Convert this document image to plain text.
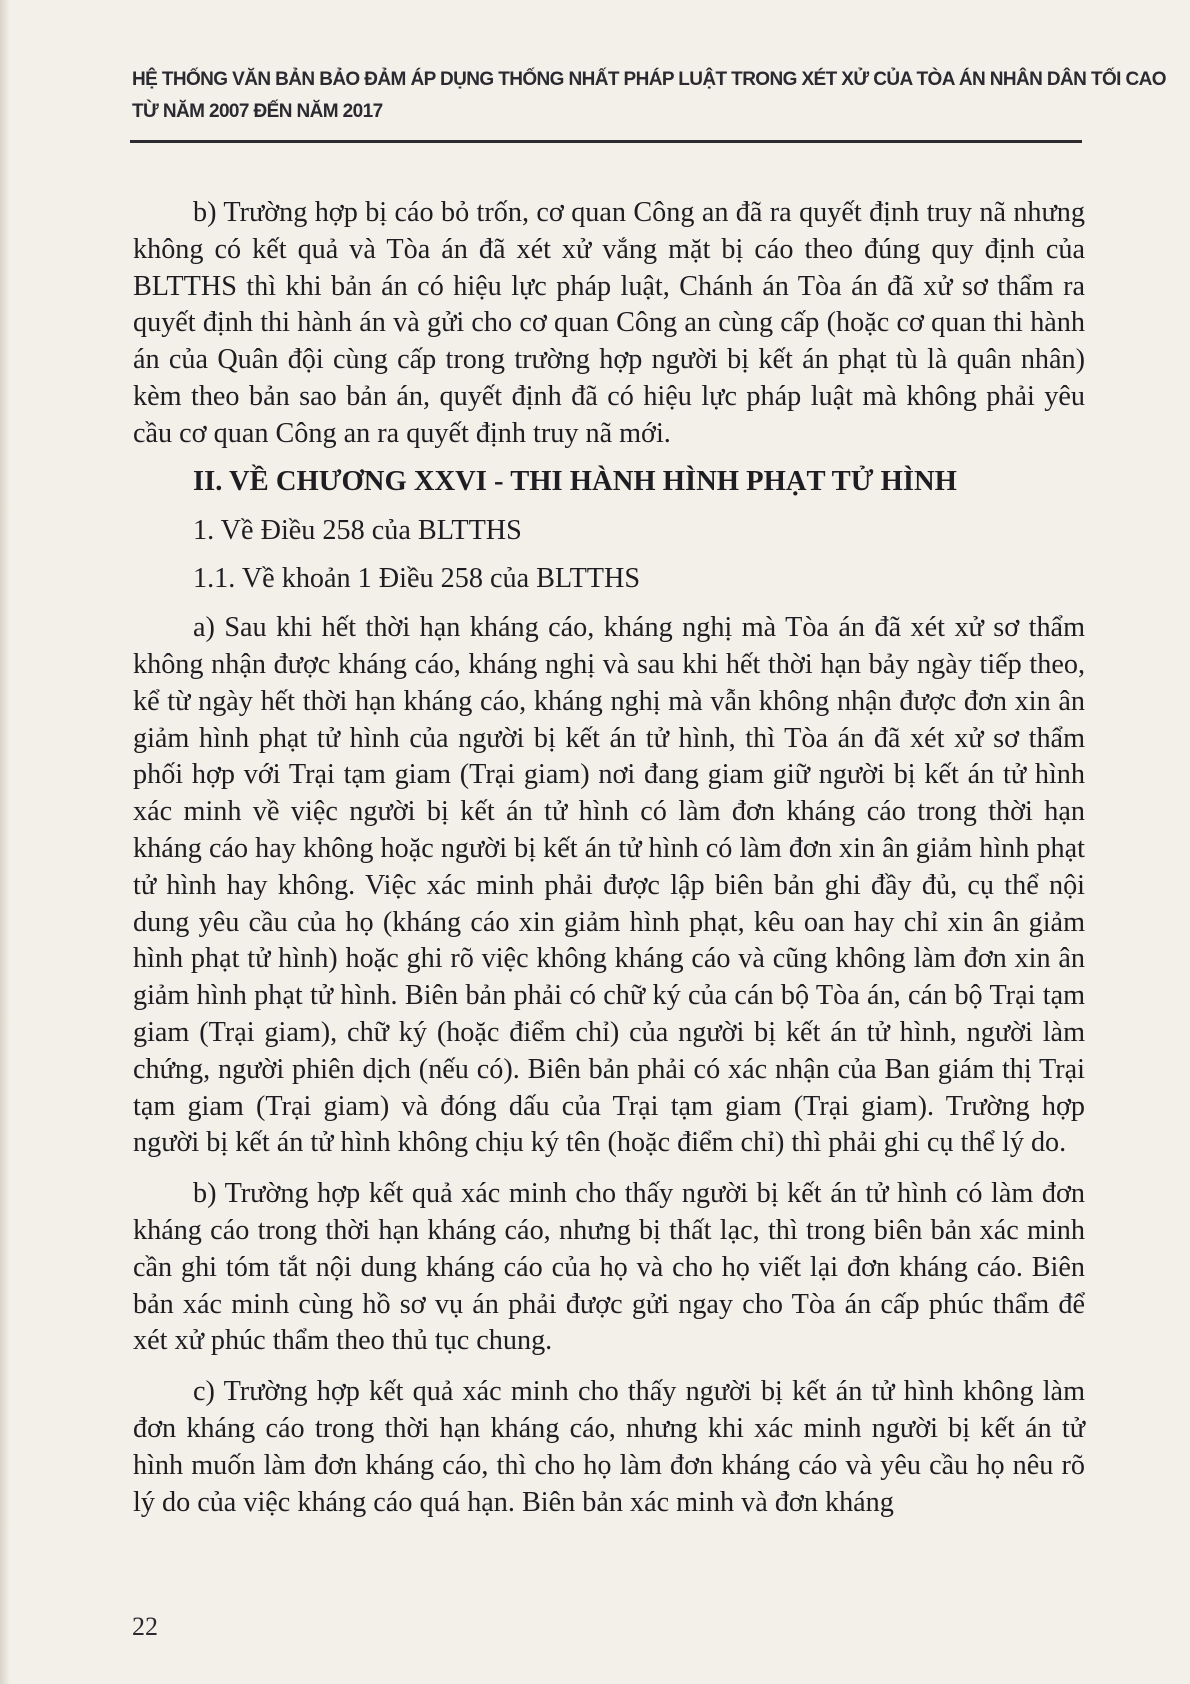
HỆ THỐNG VĂN BẢN BẢO ĐẢM ÁP DỤNG THỐNG NHẤT PHÁP LUẬT TRONG XÉT XỬ CỦA TÒA ÁN NHÂN DÂN TỐI CAO
TỪ NĂM 2007 ĐẾN NĂM 2017

b) Trường hợp bị cáo bỏ trốn, cơ quan Công an đã ra quyết định truy nã nhưng không có kết quả và Tòa án đã xét xử vắng mặt bị cáo theo đúng quy định của BLTTHS thì khi bản án có hiệu lực pháp luật, Chánh án Tòa án đã xử sơ thẩm ra quyết định thi hành án và gửi cho cơ quan Công an cùng cấp (hoặc cơ quan thi hành án của Quân đội cùng cấp trong trường hợp người bị kết án phạt tù là quân nhân) kèm theo bản sao bản án, quyết định đã có hiệu lực pháp luật mà không phải yêu cầu cơ quan Công an ra quyết định truy nã mới.

II. VỀ CHƯƠNG XXVI - THI HÀNH HÌNH PHẠT TỬ HÌNH
1. Về Điều 258 của BLTTHS
1.1. Về khoản 1 Điều 258 của BLTTHS

a) Sau khi hết thời hạn kháng cáo, kháng nghị mà Tòa án đã xét xử sơ thẩm không nhận được kháng cáo, kháng nghị và sau khi hết thời hạn bảy ngày tiếp theo, kể từ ngày hết thời hạn kháng cáo, kháng nghị mà vẫn không nhận được đơn xin ân giảm hình phạt tử hình của người bị kết án tử hình, thì Tòa án đã xét xử sơ thẩm phối hợp với Trại tạm giam (Trại giam) nơi đang giam giữ người bị kết án tử hình xác minh về việc người bị kết án tử hình có làm đơn kháng cáo trong thời hạn kháng cáo hay không hoặc người bị kết án tử hình có làm đơn xin ân giảm hình phạt tử hình hay không. Việc xác minh phải được lập biên bản ghi đầy đủ, cụ thể nội dung yêu cầu của họ (kháng cáo xin giảm hình phạt, kêu oan hay chỉ xin ân giảm hình phạt tử hình) hoặc ghi rõ việc không kháng cáo và cũng không làm đơn xin ân giảm hình phạt tử hình. Biên bản phải có chữ ký của cán bộ Tòa án, cán bộ Trại tạm giam (Trại giam), chữ ký (hoặc điểm chỉ) của người bị kết án tử hình, người làm chứng, người phiên dịch (nếu có). Biên bản phải có xác nhận của Ban giám thị Trại tạm giam (Trại giam) và đóng dấu của Trại tạm giam (Trại giam). Trường hợp người bị kết án tử hình không chịu ký tên (hoặc điểm chỉ) thì phải ghi cụ thể lý do.

b) Trường hợp kết quả xác minh cho thấy người bị kết án tử hình có làm đơn kháng cáo trong thời hạn kháng cáo, nhưng bị thất lạc, thì trong biên bản xác minh cần ghi tóm tắt nội dung kháng cáo của họ và cho họ viết lại đơn kháng cáo. Biên bản xác minh cùng hồ sơ vụ án phải được gửi ngay cho Tòa án cấp phúc thẩm để xét xử phúc thẩm theo thủ tục chung.

c) Trường hợp kết quả xác minh cho thấy người bị kết án tử hình không làm đơn kháng cáo trong thời hạn kháng cáo, nhưng khi xác minh người bị kết án tử hình muốn làm đơn kháng cáo, thì cho họ làm đơn kháng cáo và yêu cầu họ nêu rõ lý do của việc kháng cáo quá hạn. Biên bản xác minh và đơn kháng

22
